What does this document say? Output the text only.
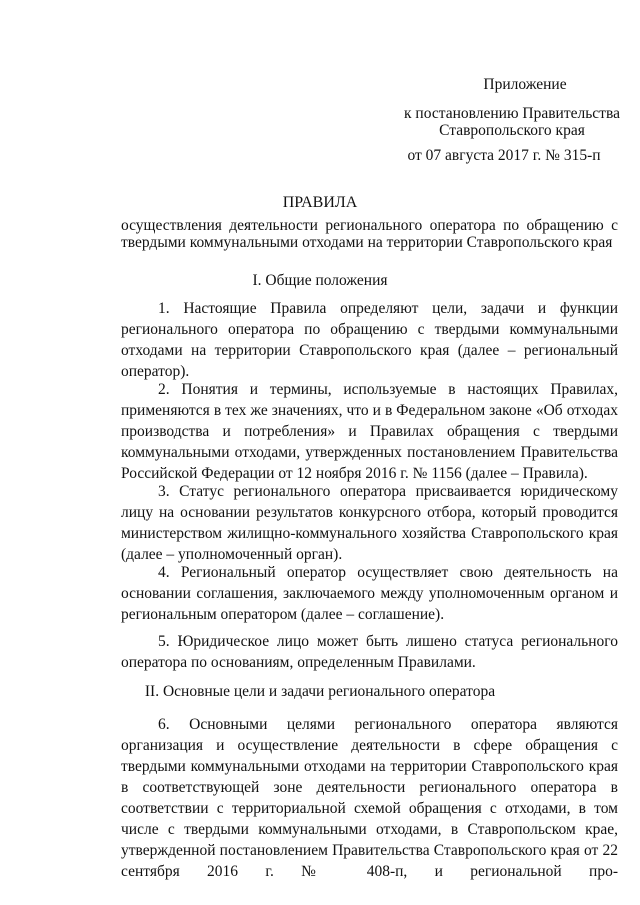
Приложение
к постановлению Правительства Ставропольского края
от 07 августа 2017 г. № 315-п
ПРАВИЛА
осуществления деятельности регионального оператора по обращению с твердыми коммунальными отходами на территории Ставропольского края
I. Общие положения
1. Настоящие Правила определяют цели, задачи и функции регионального оператора по обращению с твердыми коммунальными отходами на территории Ставропольского края (далее – региональный оператор).
2. Понятия и термины, используемые в настоящих Правилах, применяются в тех же значениях, что и в Федеральном законе «Об отходах производства и потребления» и Правилах обращения с твердыми коммунальными отходами, утвержденных постановлением Правительства Российской Федерации от 12 ноября 2016 г. № 1156 (далее – Правила).
3. Статус регионального оператора присваивается юридическому лицу на основании результатов конкурсного отбора, который проводится министерством жилищно-коммунального хозяйства Ставропольского края (далее – уполномоченный орган).
4. Региональный оператор осуществляет свою деятельность на основании соглашения, заключаемого между уполномоченным органом и региональным оператором (далее – соглашение).
5. Юридическое лицо может быть лишено статуса регионального оператора по основаниям, определенным Правилами.
II. Основные цели и задачи регионального оператора
6. Основными целями регионального оператора являются организация и осуществление деятельности в сфере обращения с твердыми коммунальными отходами на территории Ставропольского края в соответствующей зоне деятельности регионального оператора в соответствии с территориальной схемой обращения с отходами, в том числе с твердыми коммунальными отходами, в Ставропольском крае, утвержденной постановлением Правительства Ставропольского края от 22 сентября 2016 г. № 408-п, и региональной про-
